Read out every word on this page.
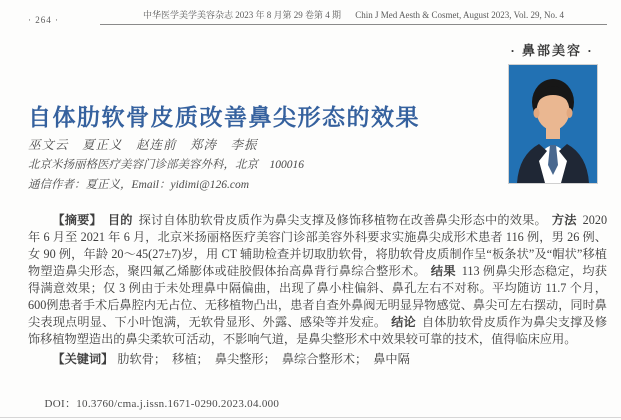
· 264 ·	中华医学美学美容杂志 2023 年 8 月第 29 卷第 4 期 Chin J Med Aesth & Cosmet, August 2023, Vol. 29, No. 4
· 鼻部美容 ·
自体肋软骨皮质改善鼻尖形态的效果
巫文云　夏正义　赵连前　郑涛　李振
北京米扬丽格医疗美容门诊部美容外科，北京　100016
通信作者：夏正义，Email：yidimi@126.com

【摘要】 目的 探讨自体肋软骨皮质作为鼻尖支撑及修饰移植物在改善鼻尖形态中的效果。 方法 2020 年 6 月至 2021 年 6 月，北京米扬丽格医疗美容门诊部美容外科要求实施鼻尖成形术患者 116 例，男 26 例、女 90 例，年龄 20～45(27±7)岁，用 CT 辅助检查并切取肋软骨，将肋软骨皮质制作呈“板条状”及“帽状”移植物塑造鼻尖形态，聚四氟乙烯膨体或硅胶假体抬高鼻背行鼻综合整形术。 结果 113 例鼻尖形态稳定，均获得满意效果；仅 3 例由于未处理鼻中隔偏曲，出现了鼻小柱偏斜、鼻孔左右不对称。平均随访 11.7 个月，600例患者手术后鼻腔内无占位、无移植物凸出，患者自查外鼻阀无明显异物感觉、鼻尖可左右摆动，同时鼻尖表现点明显、下小叶饱满，无软骨显形、外露、感染等并发症。 结论 自体肋软骨皮质作为鼻尖支撑及修饰移植物塑造出的鼻尖柔软可活动，不影响气道，是鼻尖整形术中效果较可靠的技术，值得临床应用。

【关键词】 肋软骨；　移植；　鼻尖整形；　鼻综合整形术；　鼻中隔
DOI：10.3760/cma.j.issn.1671-0290.2023.04.000
